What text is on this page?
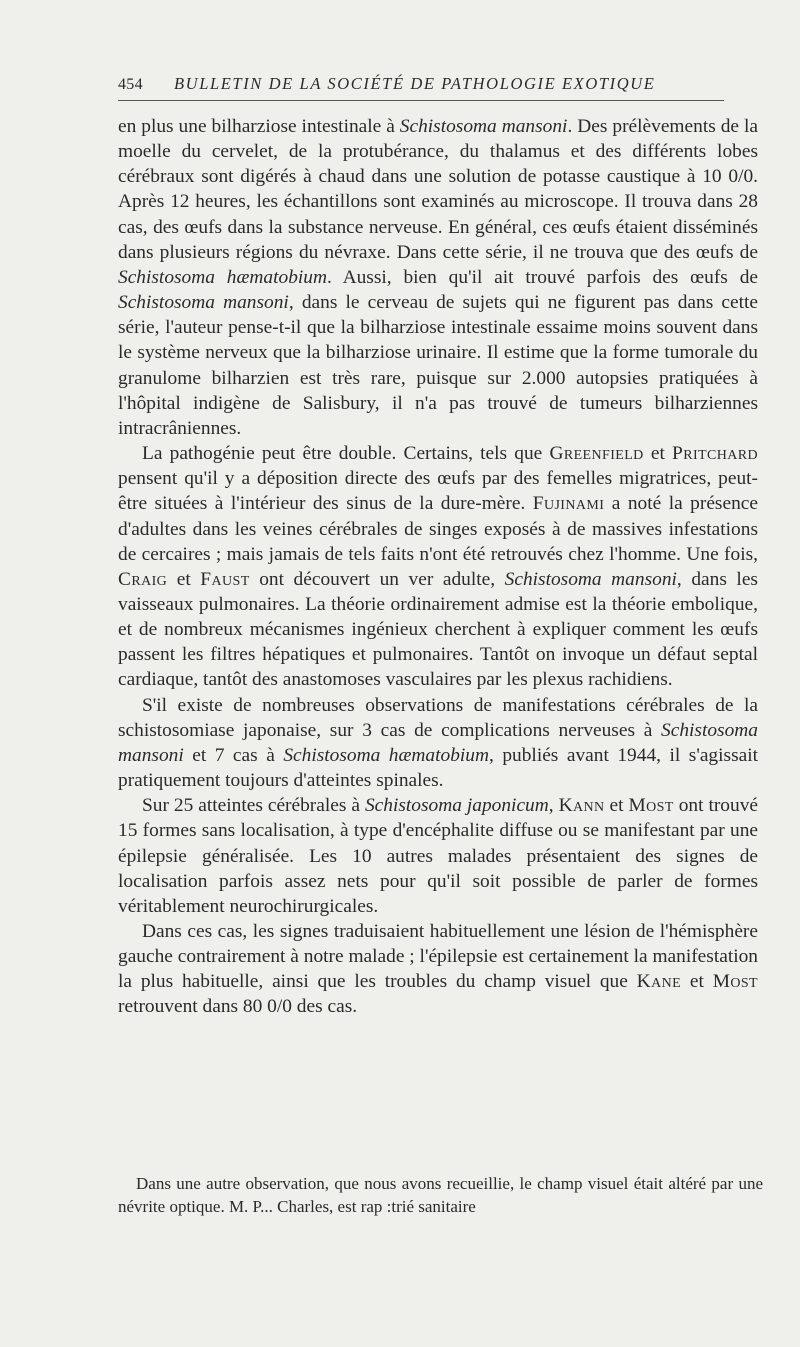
454 BULLETIN DE LA SOCIÉTÉ DE PATHOLOGIE EXOTIQUE

en plus une bilharziose intestinale à Schistosoma mansoni. Des prélèvements de la moelle du cervelet, de la protubérance, du thalamus et des différents lobes cérébraux sont digérés à chaud dans une solution de potasse caustique à 10 0/0. Après 12 heures, les échantillons sont examinés au microscope. Il trouva dans 28 cas, des œufs dans la substance nerveuse. En général, ces œufs étaient disséminés dans plusieurs régions du névraxe. Dans cette série, il ne trouva que des œufs de Schistosoma hæmatobium. Aussi, bien qu'il ait trouvé parfois des œufs de Schistosoma mansoni, dans le cerveau de sujets qui ne figurent pas dans cette série, l'auteur pense-t-il que la bilharziose intestinale essaime moins souvent dans le système nerveux que la bilharziose urinaire. Il estime que la forme tumorale du granulome bilharzien est très rare, puisque sur 2.000 autopsies pratiquées à l'hôpital indigène de Salisbury, il n'a pas trouvé de tumeurs bilharziennes intracrâniennes.

La pathogénie peut être double. Certains, tels que Greenfield et Pritchard pensent qu'il y a déposition directe des œufs par des femelles migratrices, peut-être situées à l'intérieur des sinus de la dure-mère. Fujinami a noté la présence d'adultes dans les veines cérébrales de singes exposés à de massives infestations de cercaires ; mais jamais de tels faits n'ont été retrouvés chez l'homme. Une fois, Craig et Faust ont découvert un ver adulte, Schistosoma mansoni, dans les vaisseaux pulmonaires. La théorie ordinairement admise est la théorie embolique, et de nombreux mécanismes ingénieux cherchent à expliquer comment les œufs passent les filtres hépatiques et pulmonaires. Tantôt on invoque un défaut septal cardiaque, tantôt des anastomoses vasculaires par les plexus rachidiens.

S'il existe de nombreuses observations de manifestations cérébrales de la schistosomiase japonaise, sur 3 cas de complications nerveuses à Schistosoma mansoni et 7 cas à Schistosoma hæmatobium, publiés avant 1944, il s'agissait pratiquement toujours d'atteintes spinales.

Sur 25 atteintes cérébrales à Schistosoma japonicum, Kann et Most ont trouvé 15 formes sans localisation, à type d'encéphalite diffuse ou se manifestant par une épilepsie généralisée. Les 10 autres malades présentaient des signes de localisation parfois assez nets pour qu'il soit possible de parler de formes véritablement neurochirurgicales.

Dans ces cas, les signes traduisaient habituellement une lésion de l'hémisphère gauche contrairement à notre malade ; l'épilepsie est certainement la manifestation la plus habituelle, ainsi que les troubles du champ visuel que Kane et Most retrouvent dans 80 0/0 des cas.

Dans une autre observation, que nous avons recueillie, le champ visuel était altéré par une névrite optique. M. P... Charles, est rap :trié sanitaire
